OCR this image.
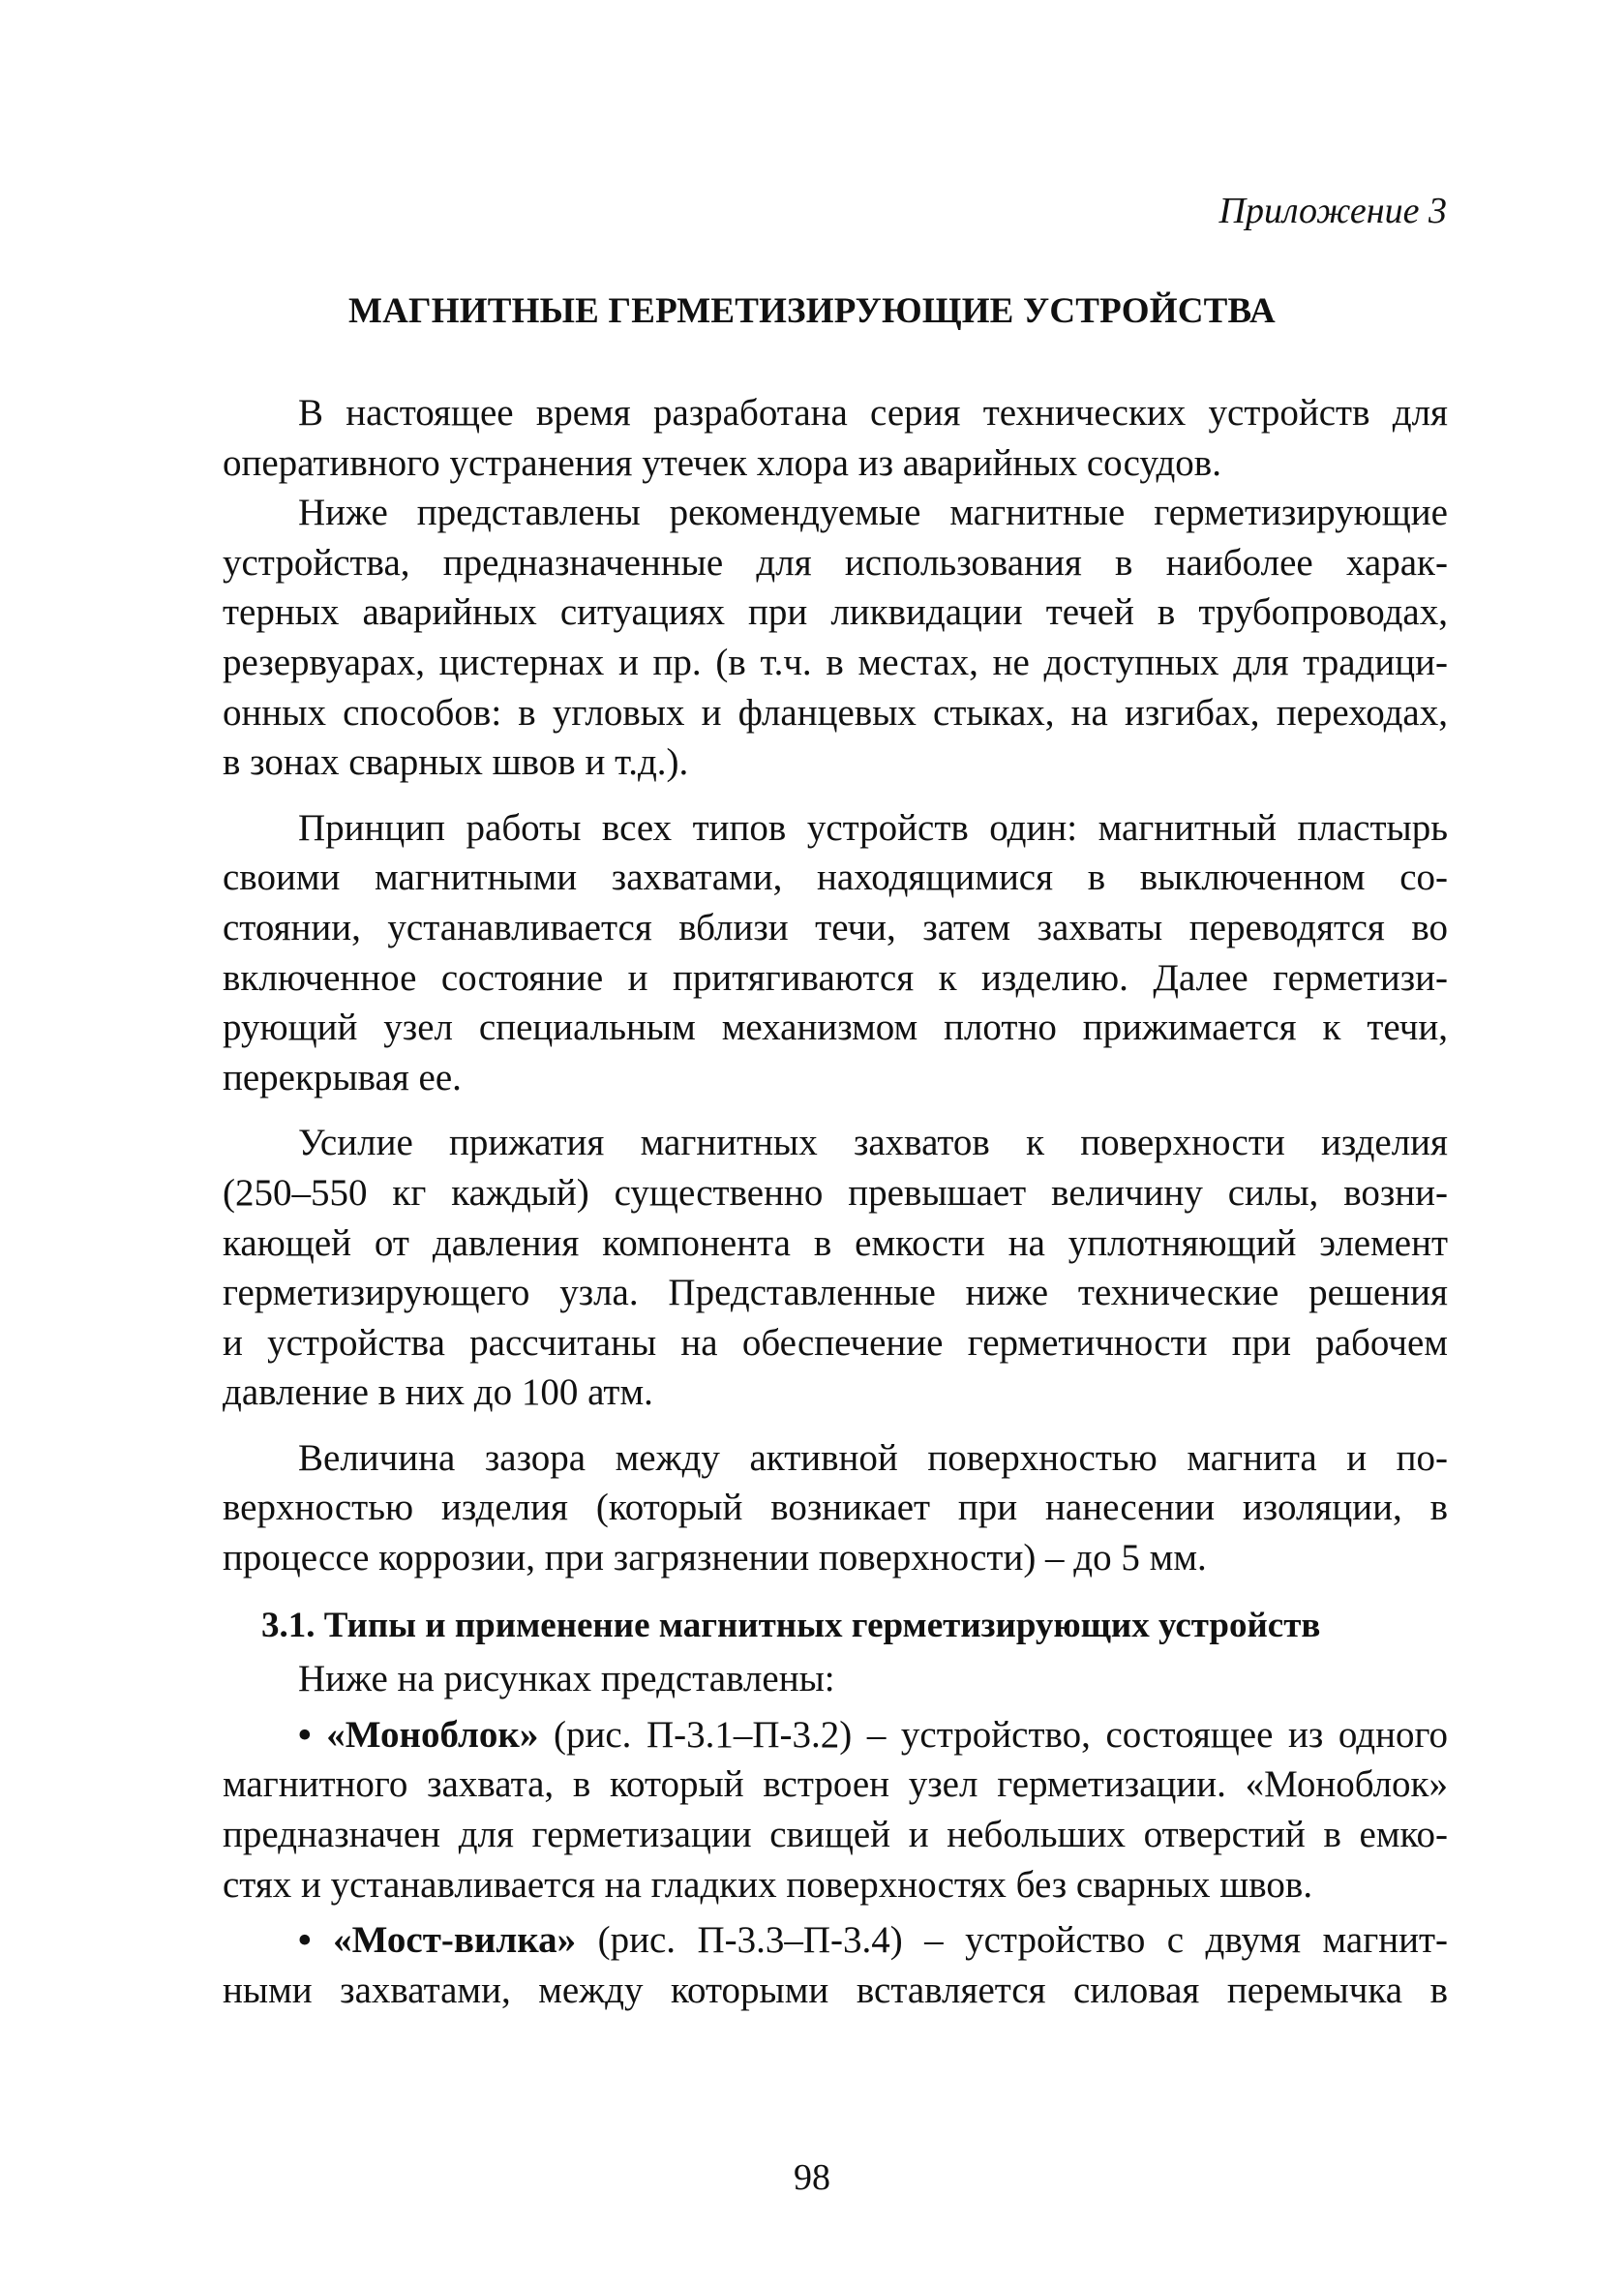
Приложение 3
МАГНИТНЫЕ ГЕРМЕТИЗИРУЮЩИЕ УСТРОЙСТВА
В настоящее время разработана серия технических устройств для
оперативного устранения утечек хлора из аварийных сосудов.
Ниже представлены рекомендуемые магнитные герметизирующие
устройства, предназначенные для использования в наиболее харак-
терных аварийных ситуациях при ликвидации течей в трубопроводах,
резервуарах, цистернах и пр. (в т.ч. в местах, не доступных для традици-
онных способов: в угловых и фланцевых стыках, на изгибах, переходах,
в зонах сварных швов и т.д.).
Принцип работы всех типов устройств один: магнитный пластырь
своими магнитными захватами, находящимися в выключенном со-
стоянии, устанавливается вблизи течи, затем захваты переводятся во
включенное состояние и притягиваются к изделию. Далее герметизи-
рующий узел специальным механизмом плотно прижимается к течи,
перекрывая ее.
Усилие прижатия магнитных захватов к поверхности изделия
(250–550 кг каждый) существенно превышает величину силы, возни-
кающей от давления компонента в емкости на уплотняющий элемент
герметизирующего узла. Представленные ниже технические решения
и устройства рассчитаны на обеспечение герметичности при рабочем
давление в них до 100 атм.
Величина зазора между активной поверхностью магнита и по-
верхностью изделия (который возникает при нанесении изоляции, в
процессе коррозии, при загрязнении поверхности) – до 5 мм.
3.1. Типы и применение магнитных герметизирующих устройств
Ниже на рисунках представлены:
• «Моноблок» (рис. П-3.1–П-3.2) – устройство, состоящее из одного
магнитного захвата, в который встроен узел герметизации. «Моноблок»
предназначен для герметизации свищей и небольших отверстий в емко-
стях и устанавливается на гладких поверхностях без сварных швов.
• «Мост-вилка» (рис. П-3.3–П-3.4) – устройство с двумя магнит-
ными захватами, между которыми вставляется силовая перемычка в
98
